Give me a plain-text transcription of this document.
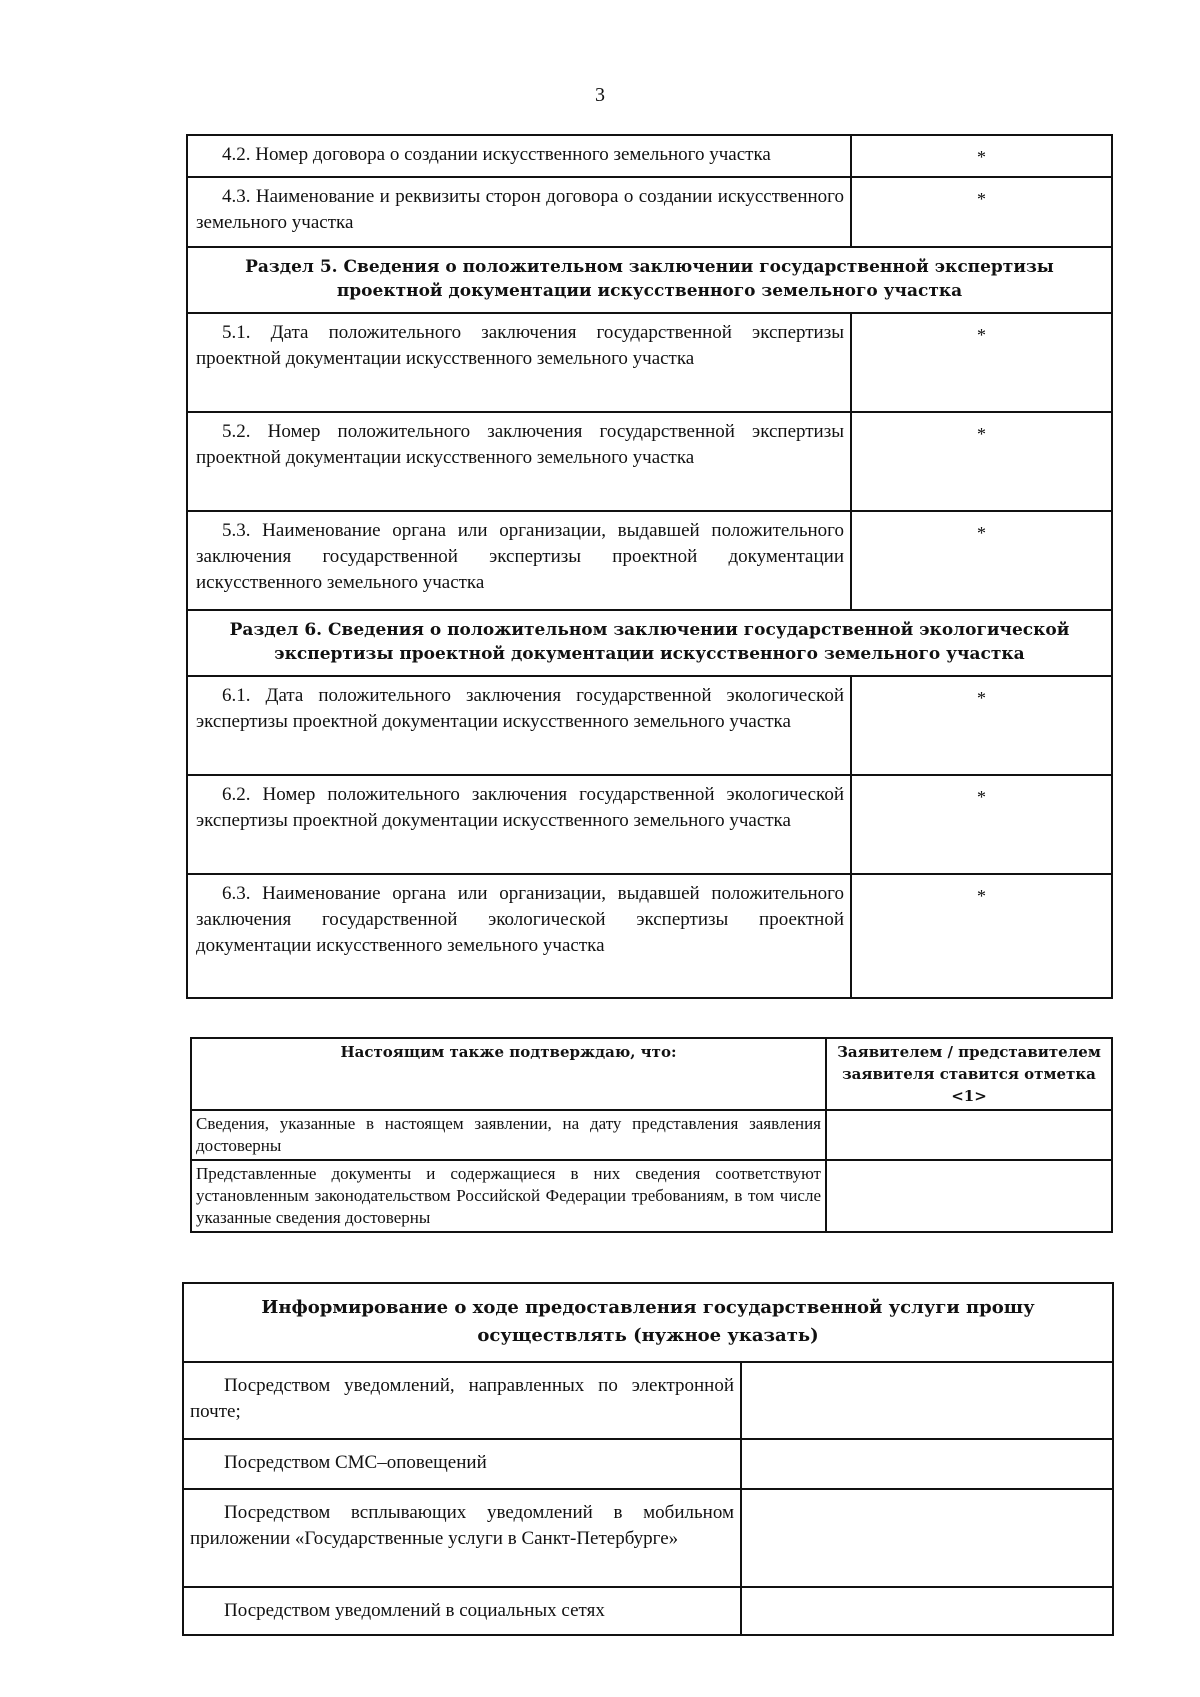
3

4.2. Номер договора о создании искусственного земельного участка	*

4.3. Наименование и реквизиты сторон договора о создании искусственного земельного участка	*
Раздел 5. Сведения о положительном заключении государственной экспертизы проектной документации искусственного земельного участка	

5.1. Дата положительного заключения государственной экспертизы проектной документации искусственного земельного участка	*

5.2. Номер положительного заключения государственной экспертизы проектной документации искусственного земельного участка	*

5.3. Наименование органа или организации, выдавшей положительного заключения государственной экспертизы проектной документации искусственного земельного участка	*
Раздел 6. Сведения о положительном заключении государственной экологической экспертизы проектной документации искусственного земельного участка	

6.1. Дата положительного заключения государственной экологической экспертизы проектной документации искусственного земельного участка	*

6.2. Номер положительного заключения государственной экологической экспертизы проектной документации искусственного земельного участка	*

6.3. Наименование органа или организации, выдавшей положительного заключения государственной экологической экспертизы проектной документации искусственного земельного участка	*
Настоящим также подтверждаю, что:	Заявителем / представителем заявителя ставится отметка <1>
Сведения, указанные в настоящем заявлении, на дату представления заявления достоверны	
Представленные документы и содержащиеся в них сведения соответствуют установленным законодательством Российской Федерации требованиям, в том числе указанные сведения достоверны	
Информирование о ходе предоставления государственной услуги прошу осуществлять (нужное указать)	

Посредством уведомлений, направленных по электронной почте;	

Посредством СМС–оповещений	

Посредством всплывающих уведомлений в мобильном приложении «Государственные услуги в Санкт-Петербурге»	

Посредством уведомлений в социальных сетях	
